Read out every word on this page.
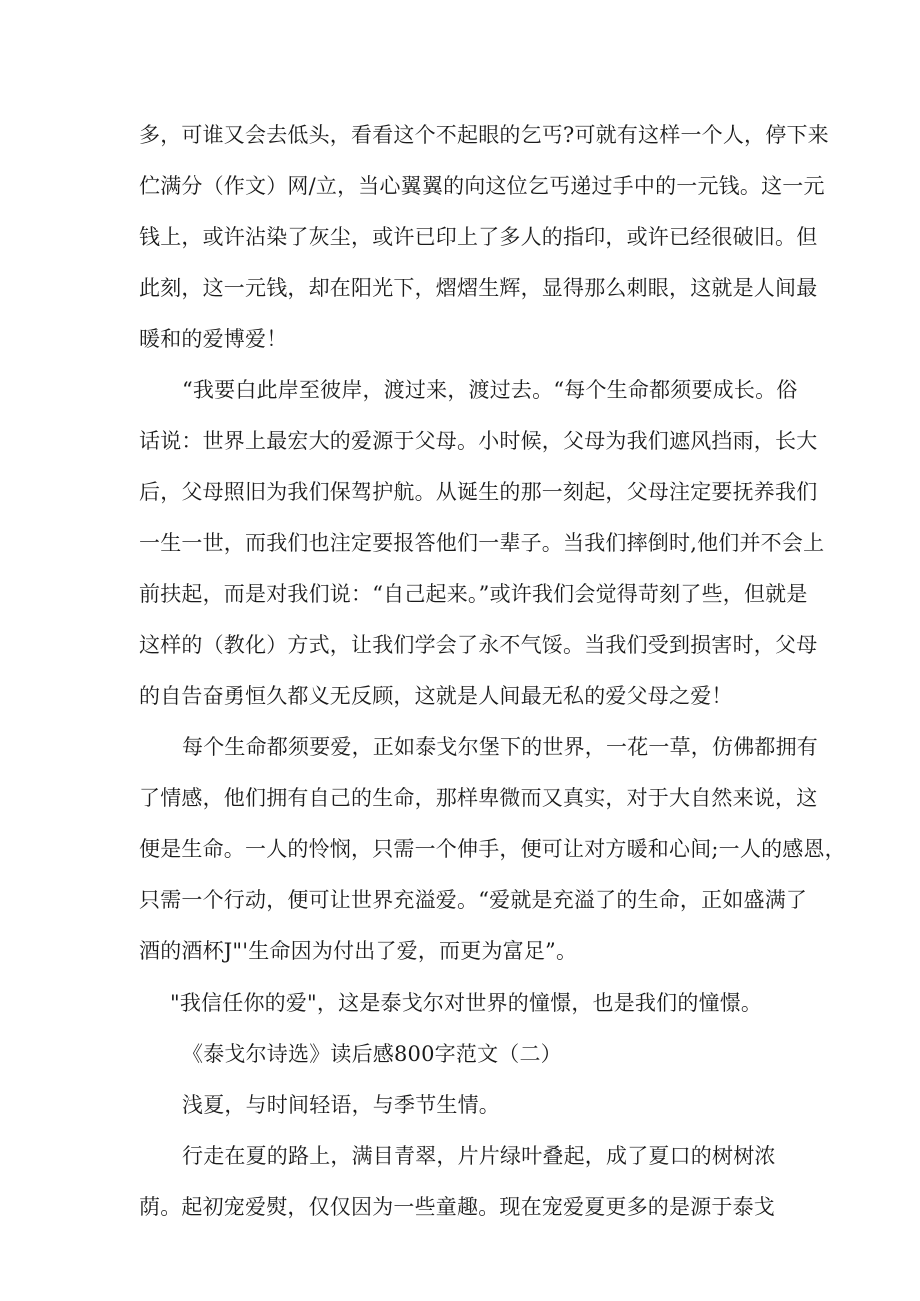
多，可谁又会去低头，看看这个不起眼的乞丐?可就有这样一个人，停下来
伫满分（作文）网/立，当心翼翼的向这位乞丐递过手中的一元钱。这一元
钱上，或许沾染了灰尘，或许已印上了多人的指印，或许已经很破旧。但
此刻，这一元钱，却在阳光下，熠熠生辉，显得那么刺眼，这就是人间最
暖和的爱博爱！
“我要白此岸至彼岸，渡过来，渡过去。“每个生命都须要成长。俗
话说：世界上最宏大的爱源于父母。小时候，父母为我们遮风挡雨，长大
后，父母照旧为我们保驾护航。从诞生的那一刻起，父母注定要抚养我们
一生一世，而我们也注定要报答他们一辈子。当我们摔倒时,他们并不会上
前扶起，而是对我们说：“自己起来。”或许我们会觉得苛刻了些，但就是
这样的（教化）方式，让我们学会了永不气馁。当我们受到损害时，父母
的自告奋勇恒久都义无反顾，这就是人间最无私的爱父母之爱！
每个生命都须要爱，正如泰戈尔堡下的世界，一花一草，仿佛都拥有
了情感，他们拥有自己的生命，那样卑微而又真实，对于大自然来说，这
便是生命。一人的怜悯，只需一个伸手，便可让对方暖和心间;一人的感恩，
只需一个行动，便可让世界充溢爱。“爱就是充溢了的生命，正如盛满了
酒的酒杯J"'生命因为付出了爱，而更为富足”。
"我信任你的爱"，这是泰戈尔对世界的憧憬，也是我们的憧憬。
《泰戈尔诗选》读后感800字范文（二）
浅夏，与时间轻语，与季节生情。
行走在夏的路上，满目青翠，片片绿叶叠起，成了夏口的树树浓
荫。起初宠爱熨，仅仅因为一些童趣。现在宠爱夏更多的是源于泰戈
